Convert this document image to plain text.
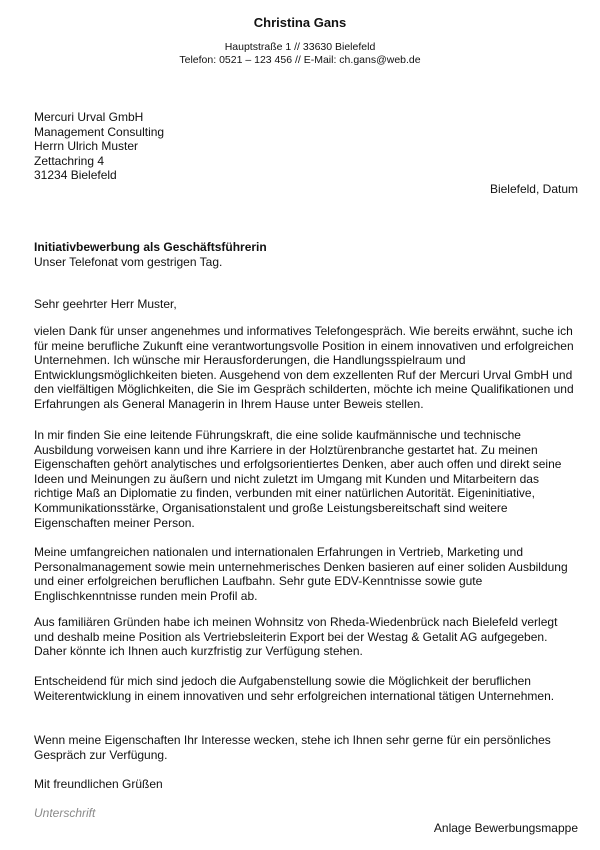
Christina Gans
Hauptstraße 1 // 33630 Bielefeld
Telefon: 0521 – 123 456 // E-Mail: ch.gans@web.de
Mercuri Urval GmbH
Management Consulting
Herrn Ulrich Muster
Zettachring 4
31234 Bielefeld
Bielefeld, Datum
Initiativbewerbung als Geschäftsführerin
Unser Telefonat vom gestrigen Tag.
Sehr geehrter Herr Muster,

vielen Dank für unser angenehmes und informatives Telefongespräch. Wie bereits erwähnt, suche ich für meine berufliche Zukunft eine verantwortungsvolle Position in einem innovativen und erfolgreichen Unternehmen. Ich wünsche mir Herausforderungen, die Handlungsspielraum und Entwicklungsmöglichkeiten bieten. Ausgehend von dem exzellenten Ruf der Mercuri Urval GmbH und den vielfältigen Möglichkeiten, die Sie im Gespräch schilderten, möchte ich meine Qualifikationen und Erfahrungen als General Managerin in Ihrem Hause unter Beweis stellen.

In mir finden Sie eine leitende Führungskraft, die eine solide kaufmännische und technische Ausbildung vorweisen kann und ihre Karriere in der Holztürenbranche gestartet hat. Zu meinen Eigenschaften gehört analytisches und erfolgsorientiertes Denken, aber auch offen und direkt seine Ideen und Meinungen zu äußern und nicht zuletzt im Umgang mit Kunden und Mitarbeitern das richtige Maß an Diplomatie zu finden, verbunden mit einer natürlichen Autorität. Eigeninitiative, Kommunikationsstärke, Organisationstalent und große Leistungsbereitschaft sind weitere Eigenschaften meiner Person.

Meine umfangreichen nationalen und internationalen Erfahrungen in Vertrieb, Marketing und Personalmanagement sowie mein unternehmerisches Denken basieren auf einer soliden Ausbildung und einer erfolgreichen beruflichen Laufbahn. Sehr gute EDV-Kenntnisse sowie gute Englischkenntnisse runden mein Profil ab.

Aus familiären Gründen habe ich meinen Wohnsitz von Rheda-Wiedenbrück nach Bielefeld verlegt und deshalb meine Position als Vertriebsleiterin Export bei der Westag & Getalit AG aufgegeben. Daher könnte ich Ihnen auch kurzfristig zur Verfügung stehen.

Entscheidend für mich sind jedoch die Aufgabenstellung sowie die Möglichkeit der beruflichen Weiterentwicklung in einem innovativen und sehr erfolgreichen international tätigen Unternehmen.

Wenn meine Eigenschaften Ihr Interesse wecken, stehe ich Ihnen sehr gerne für ein persönliches Gespräch zur Verfügung.

Mit freundlichen Grüßen
Unterschrift
Anlage Bewerbungsmappe
